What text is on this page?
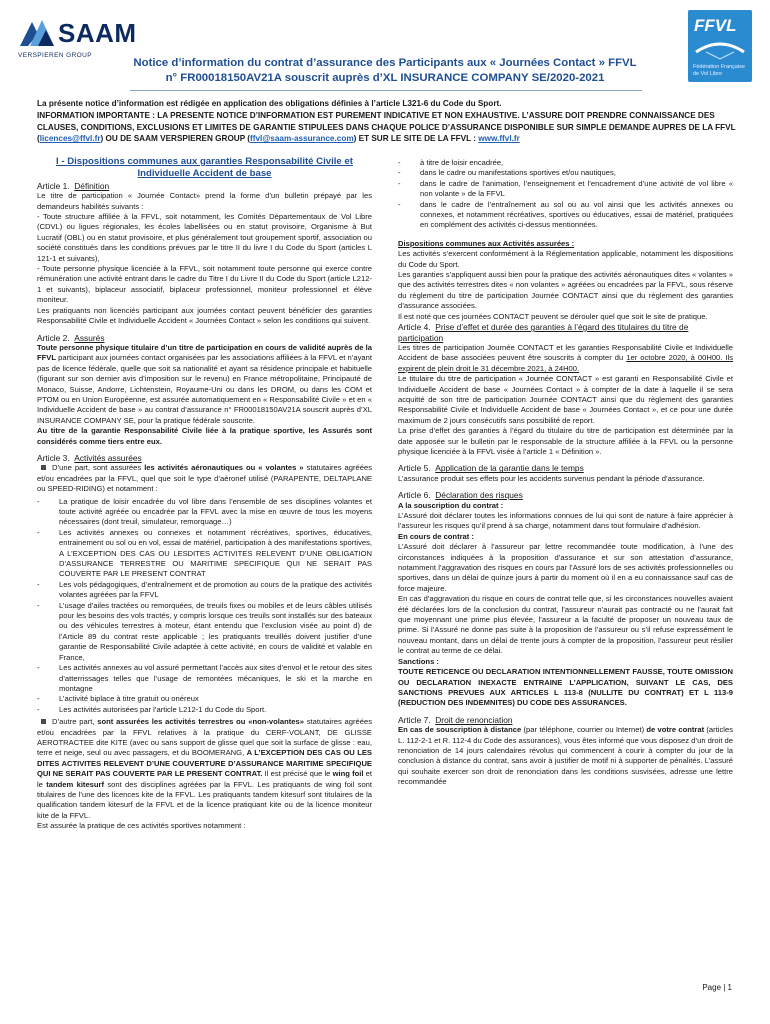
SAAM
VERSPIEREN GROUP
FFVL
Fédération Française de Vol Libre
Notice d’information du contrat d’assurance des Participants aux « Journées Contact » FFVL
n° FR00018150AV21A souscrit auprès d’XL INSURANCE COMPANY SE/2020-2021

La présente notice d’information est rédigée en application des obligations définies à l’article L321-6 du Code du Sport.

INFORMATION IMPORTANTE : LA PRESENTE NOTICE D’INFORMATION EST PUREMENT INDICATIVE ET NON EXHAUSTIVE. L’ASSURE DOIT PRENDRE CONNAISSANCE DES CLAUSES, CONDITIONS, EXCLUSIONS ET LIMITES DE GARANTIE STIPULEES DANS CHAQUE POLICE D’ASSURANCE DISPONIBLE SUR SIMPLE DEMANDE AUPRES DE LA FFVL (licences@ffvl.fr) OU DE SAAM VERSPIEREN GROUP (ffvl@saam-assurance.com) ET SUR LE SITE DE LA FFVL : www.ffvl.fr

I - Dispositions communes aux garanties Responsabilité Civile et Individuelle Accident de base

Article 1. Définition

Le titre de participation « Journée Contact» prend la forme d’un bulletin prépayé par les demandeurs habilités suivants :

- Toute structure affiliée à la FFVL, soit notamment, les Comités Départementaux de Vol Libre (CDVL) ou ligues régionales, les écoles labellisées ou en statut provisoire, Organisme à But Lucratif (OBL) ou en statut provisoire, et plus généralement tout groupement sportif, association ou société constitués dans les conditions prévues par le titre II du livre I du Code du Sport (articles L 121-1 et suivants),

- Toute personne physique licenciée à la FFVL, soit notamment toute personne qui exerce contre rémunération une activité entrant dans le cadre du Titre I du Livre II du Code du Sport (article L212-1 et suivants), biplaceur associatif, biplaceur professionnel, moniteur professionnel et élève moniteur.

Les pratiquants non licenciés participant aux journées contact peuvent bénéficier des garanties Responsabilité Civile et Individuelle Accident « Journées Contact » selon les conditions qui suivent.

Article 2. Assurés

Toute personne physique titulaire d’un titre de participation en cours de validité auprès de la FFVL participant aux journées contact organisées par les associations affiliées à la FFVL et n’ayant pas de licence fédérale, quelle que soit sa nationalité et ayant sa résidence principale et habituelle (figurant sur son dernier avis d’imposition sur le revenu) en France métropolitaine, Principauté de Monaco, Suisse, Andorre, Lichtenstein, Royaume-Uni ou dans les DROM, ou dans les COM et PTOM ou en Union Européenne, est assurée automatiquement en « Responsabilité Civile » et en « Individuelle Accident de base » au contrat d’assurance n° FR00018150AV21A souscrit auprès d’XL INSURANCE COMPANY SE, pour la pratique fédérale souscrite.

Au titre de la garantie Responsabilité Civile liée à la pratique sportive, les Assurés sont considérés comme tiers entre eux.

Article 3. Activités assurées

D’une part, sont assurées les activités aéronautiques ou « volantes » statutaires agréées et/ou encadrées par la FFVL, quel que soit le type d’aéronef utilisé (PARAPENTE, DELTAPLANE ou SPEED-RIDING) et notamment :

- La pratique de loisir encadrée du vol libre dans l’ensemble de ses disciplines volantes et toute activité agréée ou encadrée par la FFVL avec la mise en œuvre de tous les moyens nécessaires (dont treuil, simulateur, remorquage…)
- Les activités annexes ou connexes et notamment récréatives, sportives, éducatives, entrainement ou sol ou en vol, essai de matériel, participation à des manifestations sportives, A L’EXCEPTION DES CAS OU LESDITES ACTIVITES RELEVENT D’UNE OBLIGATION D’ASSURANCE TERRESTRE OU MARITIME SPECIFIQUE QUI NE SERAIT PAS COUVERTE PAR LE PRESENT CONTRAT
- Les vols pédagogiques, d’entraînement et de promotion au cours de la pratique des activités volantes agréées par la FFVL
- L’usage d’ailes tractées ou remorquées, de treuils fixes ou mobiles et de leurs câbles utilisés pour les besoins des vols tractés, y compris lorsque ces treuils sont installés sur des bateaux ou des véhicules terrestres à moteur, étant entendu que l’exclusion visée au point d) de l’Article 89 du contrat reste applicable ; les pratiquants treuillés doivent justifier d’une garantie de Responsabilité Civile adaptée à cette activité, en cours de validité et valable en France,
- Les activités annexes au vol assuré permettant l’accès aux sites d’envol et le retour des sites d’atterrissages telles que l’usage de remontées mécaniques, le ski et la marche en montagne
- L’activité biplace à titre gratuit ou onéreux
- Les activités autorisées par l’article L212-1 du Code du Sport.

D’autre part, sont assurées les activités terrestres ou «non-volantes» statutaires agréées et/ou encadrées par la FFVL relatives à la pratique du CERF-VOLANT, DE GLISSE AEROTRACTEE dite KITE (avec ou sans support de glisse quel que soit la surface de glisse : eau, terre et neige, seul ou avec passagers, et du BOOMERANG, A L’EXCEPTION DES CAS OU LES DITES ACTIVITES RELEVENT D’UNE COUVERTURE D’ASSURANCE MARITIME SPECIFIQUE QUI NE SERAIT PAS COUVERTE PAR LE PRESENT CONTRAT. Il est précisé que le wing foil et le tandem kitesurf sont des disciplines agréées par la FFVL. Les pratiquants de wing foil sont titulaires de l’une des licences kite de la FFVL. Les pratiquants tandem kitesurf sont titulaires de la qualification tandem kitesurf de la FFVL et de la licence pratiquant kite ou de la licence moniteur kite de la FFVL.

Est assurée la pratique de ces activités sportives notamment :

- à titre de loisir encadrée,
- dans le cadre ou manifestations sportives et/ou nautiques,
- dans le cadre de l’animation, l’enseignement et l’encadrement d’une activité de vol libre « non volante » de la FFVL
- dans le cadre de l’entraînement au sol ou au vol ainsi que les activités annexes ou connexes, et notamment récréatives, sportives ou éducatives, essai de matériel, pratiquées en complément des activités ci-dessus mentionnées.

Dispositions communes aux Activités assurées :

Les activités s’exercent conformément à la Réglementation applicable, notamment les dispositions du Code du Sport.

Les garanties s’appliquent aussi bien pour la pratique des activités aéronautiques dites « volantes » que des activités terrestres dites « non volantes » agréées ou encadrées par la FFVL, sous réserve du règlement du titre de participation Journée CONTACT ainsi que du règlement des garanties d’assurance associées.

Il est noté que ces journées CONTACT peuvent se dérouler quel que soit le site de pratique.

Article 4. Prise d’effet et durée des garanties à l’égard des titulaires du titre de participation

Les titres de participation Journée CONTACT et les garanties Responsabilité Civile et Individuelle Accident de base associées peuvent être souscrits à compter du 1er octobre 2020, à 00H00. Ils expirent de plein droit le 31 décembre 2021, à 24H00.

Le titulaire du titre de participation « Journée CONTACT » est garanti en Responsabilité Civile et Individuelle Accident de base « Journées Contact » à compter de la date à laquelle il se sera acquitté de son titre de participation Journée CONTACT ainsi que du règlement des garanties Responsabilité Civile et Individuelle Accident de base « Journées Contact », et ce pour une durée maximum de 2 jours consécutifs sans possibilité de report.

La prise d’effet des garanties à l’égard du titulaire du titre de participation est déterminée par la date apposée sur le bulletin par le responsable de la structure affiliée à la FFVL ou la personne physique licenciée à la FFVL visée à l’article 1 « Définition ».

Article 5. Application de la garantie dans le temps

L’assurance produit ses effets pour les accidents survenus pendant la période d’assurance.

Article 6. Déclaration des risques

A la souscription du contrat :

L’Assuré doit déclarer toutes les informations connues de lui qui sont de nature à faire apprécier à l’assureur les risques qu’il prend à sa charge, notamment dans tout formulaire d’adhésion.

En cours de contrat :

L’Assuré doit déclarer à l’assureur par lettre recommandée toute modification, à l’une des circonstances indiquées à la proposition d’assurance et sur son attestation d’assurance, notamment l’aggravation des risques en cours par l’Assuré lors de ses activités professionnelles ou sportives, dans un délai de quinze jours à partir du moment où il en a eu connaissance sauf cas de force majeure.

En cas d’aggravation du risque en cours de contrat telle que, si les circonstances nouvelles avaient été déclarées lors de la conclusion du contrat, l’assureur n’aurait pas contracté ou ne l’aurait fait que moyennant une prime plus élevée, l’assureur a la faculté de proposer un nouveau taux de prime. Si l’Assuré ne donne pas suite à la proposition de l’assureur ou s’il refuse expressément le nouveau montant, dans un délai de trente jours à compter de la proposition, l’assureur peut résilier le contrat au terme de ce délai.

Sanctions :

TOUTE RETICENCE OU DECLARATION INTENTIONNELLEMENT FAUSSE, TOUTE OMISSION OU DECLARATION INEXACTE ENTRAINE L’APPLICATION, SUIVANT LE CAS, DES SANCTIONS PREVUES AUX ARTICLES L 113-8 (NULLITE DU CONTRAT) ET L 113-9 (REDUCTION DES INDEMNITES) DU CODE DES ASSURANCES.

Article 7. Droit de renonciation

En cas de souscription à distance (par téléphone, courrier ou Internet) de votre contrat (articles L. 112-2-1 et R. 112-4 du Code des assurances), vous êtes informé que vous disposez d’un droit de renonciation de 14 jours calendaires révolus qui commencent à courir à compter du jour de la conclusion à distance du contrat, sans avoir à justifier de motif ni à supporter de pénalités. L’assuré qui souhaite exercer son droit de renonciation dans les conditions susvisées, adresse une lettre recommandée

Page | 1
